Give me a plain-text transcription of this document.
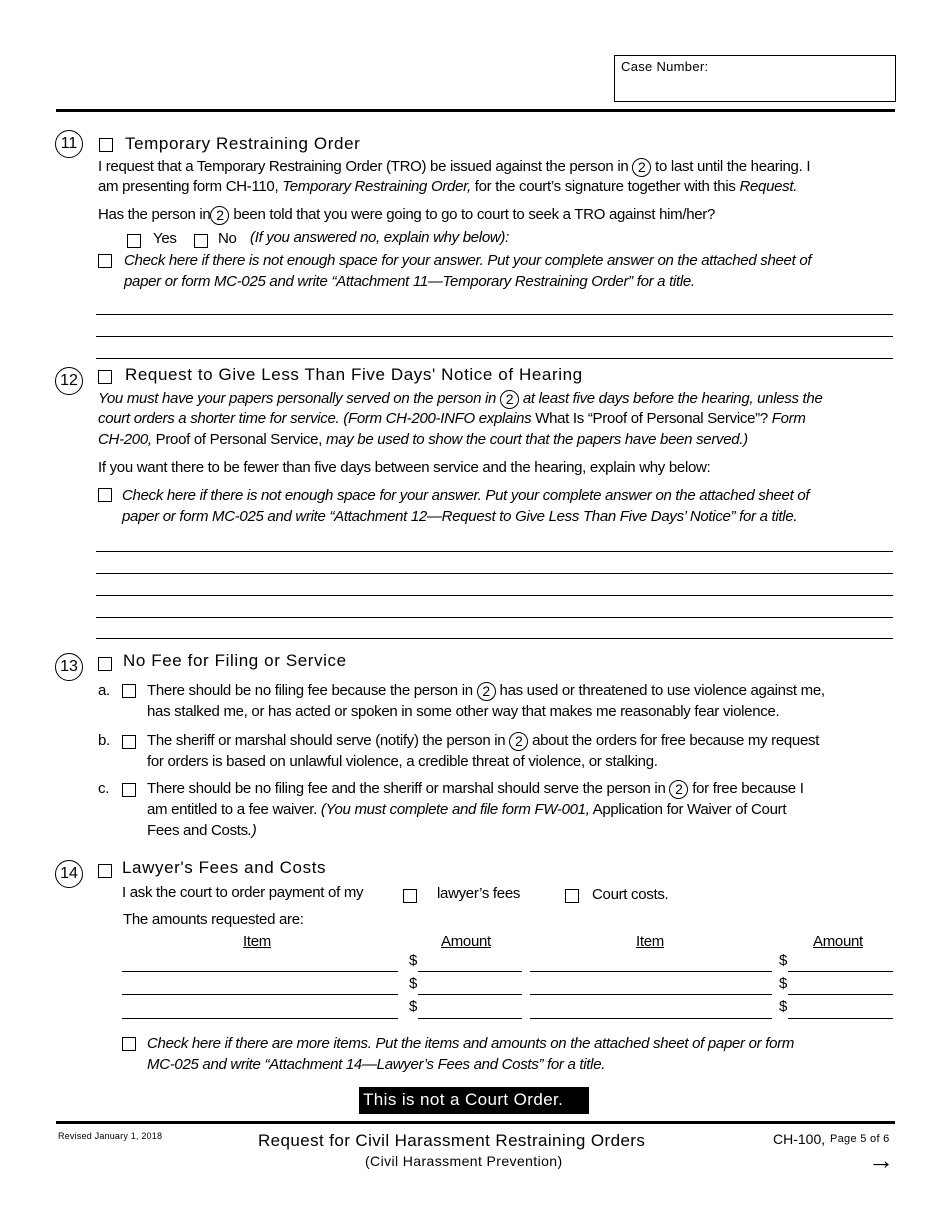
Case Number:
11	Temporary Restraining Order
I request that a Temporary Restraining Order (TRO) be issued against the person in 2 to last until the hearing. I
am presenting form CH-110, Temporary Restraining Order, for the court’s signature together with this Request.
Has the person in 2 been told that you were going to go to court to seek a TRO against him/her?
Yes	No (If you answered no, explain why below):
Check here if there is not enough space for your answer. Put your complete answer on the attached sheet of
paper or form MC-025 and write “Attachment 11—Temporary Restraining Order” for a title.
12	Request to Give Less Than Five Days' Notice of Hearing
You must have your papers personally served on the person in 2 at least five days before the hearing, unless the
court orders a shorter time for service. (Form CH-200-INFO explains What Is “Proof of Personal Service”? Form
CH-200, Proof of Personal Service, may be used to show the court that the papers have been served.)
If you want there to be fewer than five days between service and the hearing, explain why below:
Check here if there is not enough space for your answer. Put your complete answer on the attached sheet of
paper or form MC-025 and write “Attachment 12—Request to Give Less Than Five Days’ Notice” for a title.
13	No Fee for Filing or Service
a. There should be no filing fee because the person in 2 has used or threatened to use violence against me,
has stalked me, or has acted or spoken in some other way that makes me reasonably fear violence.
b. The sheriff or marshal should serve (notify) the person in 2 about the orders for free because my request
for orders is based on unlawful violence, a credible threat of violence, or stalking.
c.	There should be no filing fee and the sheriff or marshal should serve the person in 2 for free because I
am entitled to a fee waiver. (You must complete and file form FW-001, Application for Waiver of Court
Fees and Costs.)
14	Lawyer's Fees and Costs
I ask the court to order payment of my	lawyer’s fees	Court costs.
The amounts requested are:
Item	Amount	Item	Amount
$	$
$	$
$	$
Check here if there are more items. Put the items and amounts on the attached sheet of paper or form
MC-025 and write “Attachment 14—Lawyer’s Fees and Costs” for a title.
This is not a Court Order.
Revised January 1, 2018	Request for Civil Harassment Restraining Orders
(Civil Harassment Prevention)
CH-100, Page 5 of 6
→
